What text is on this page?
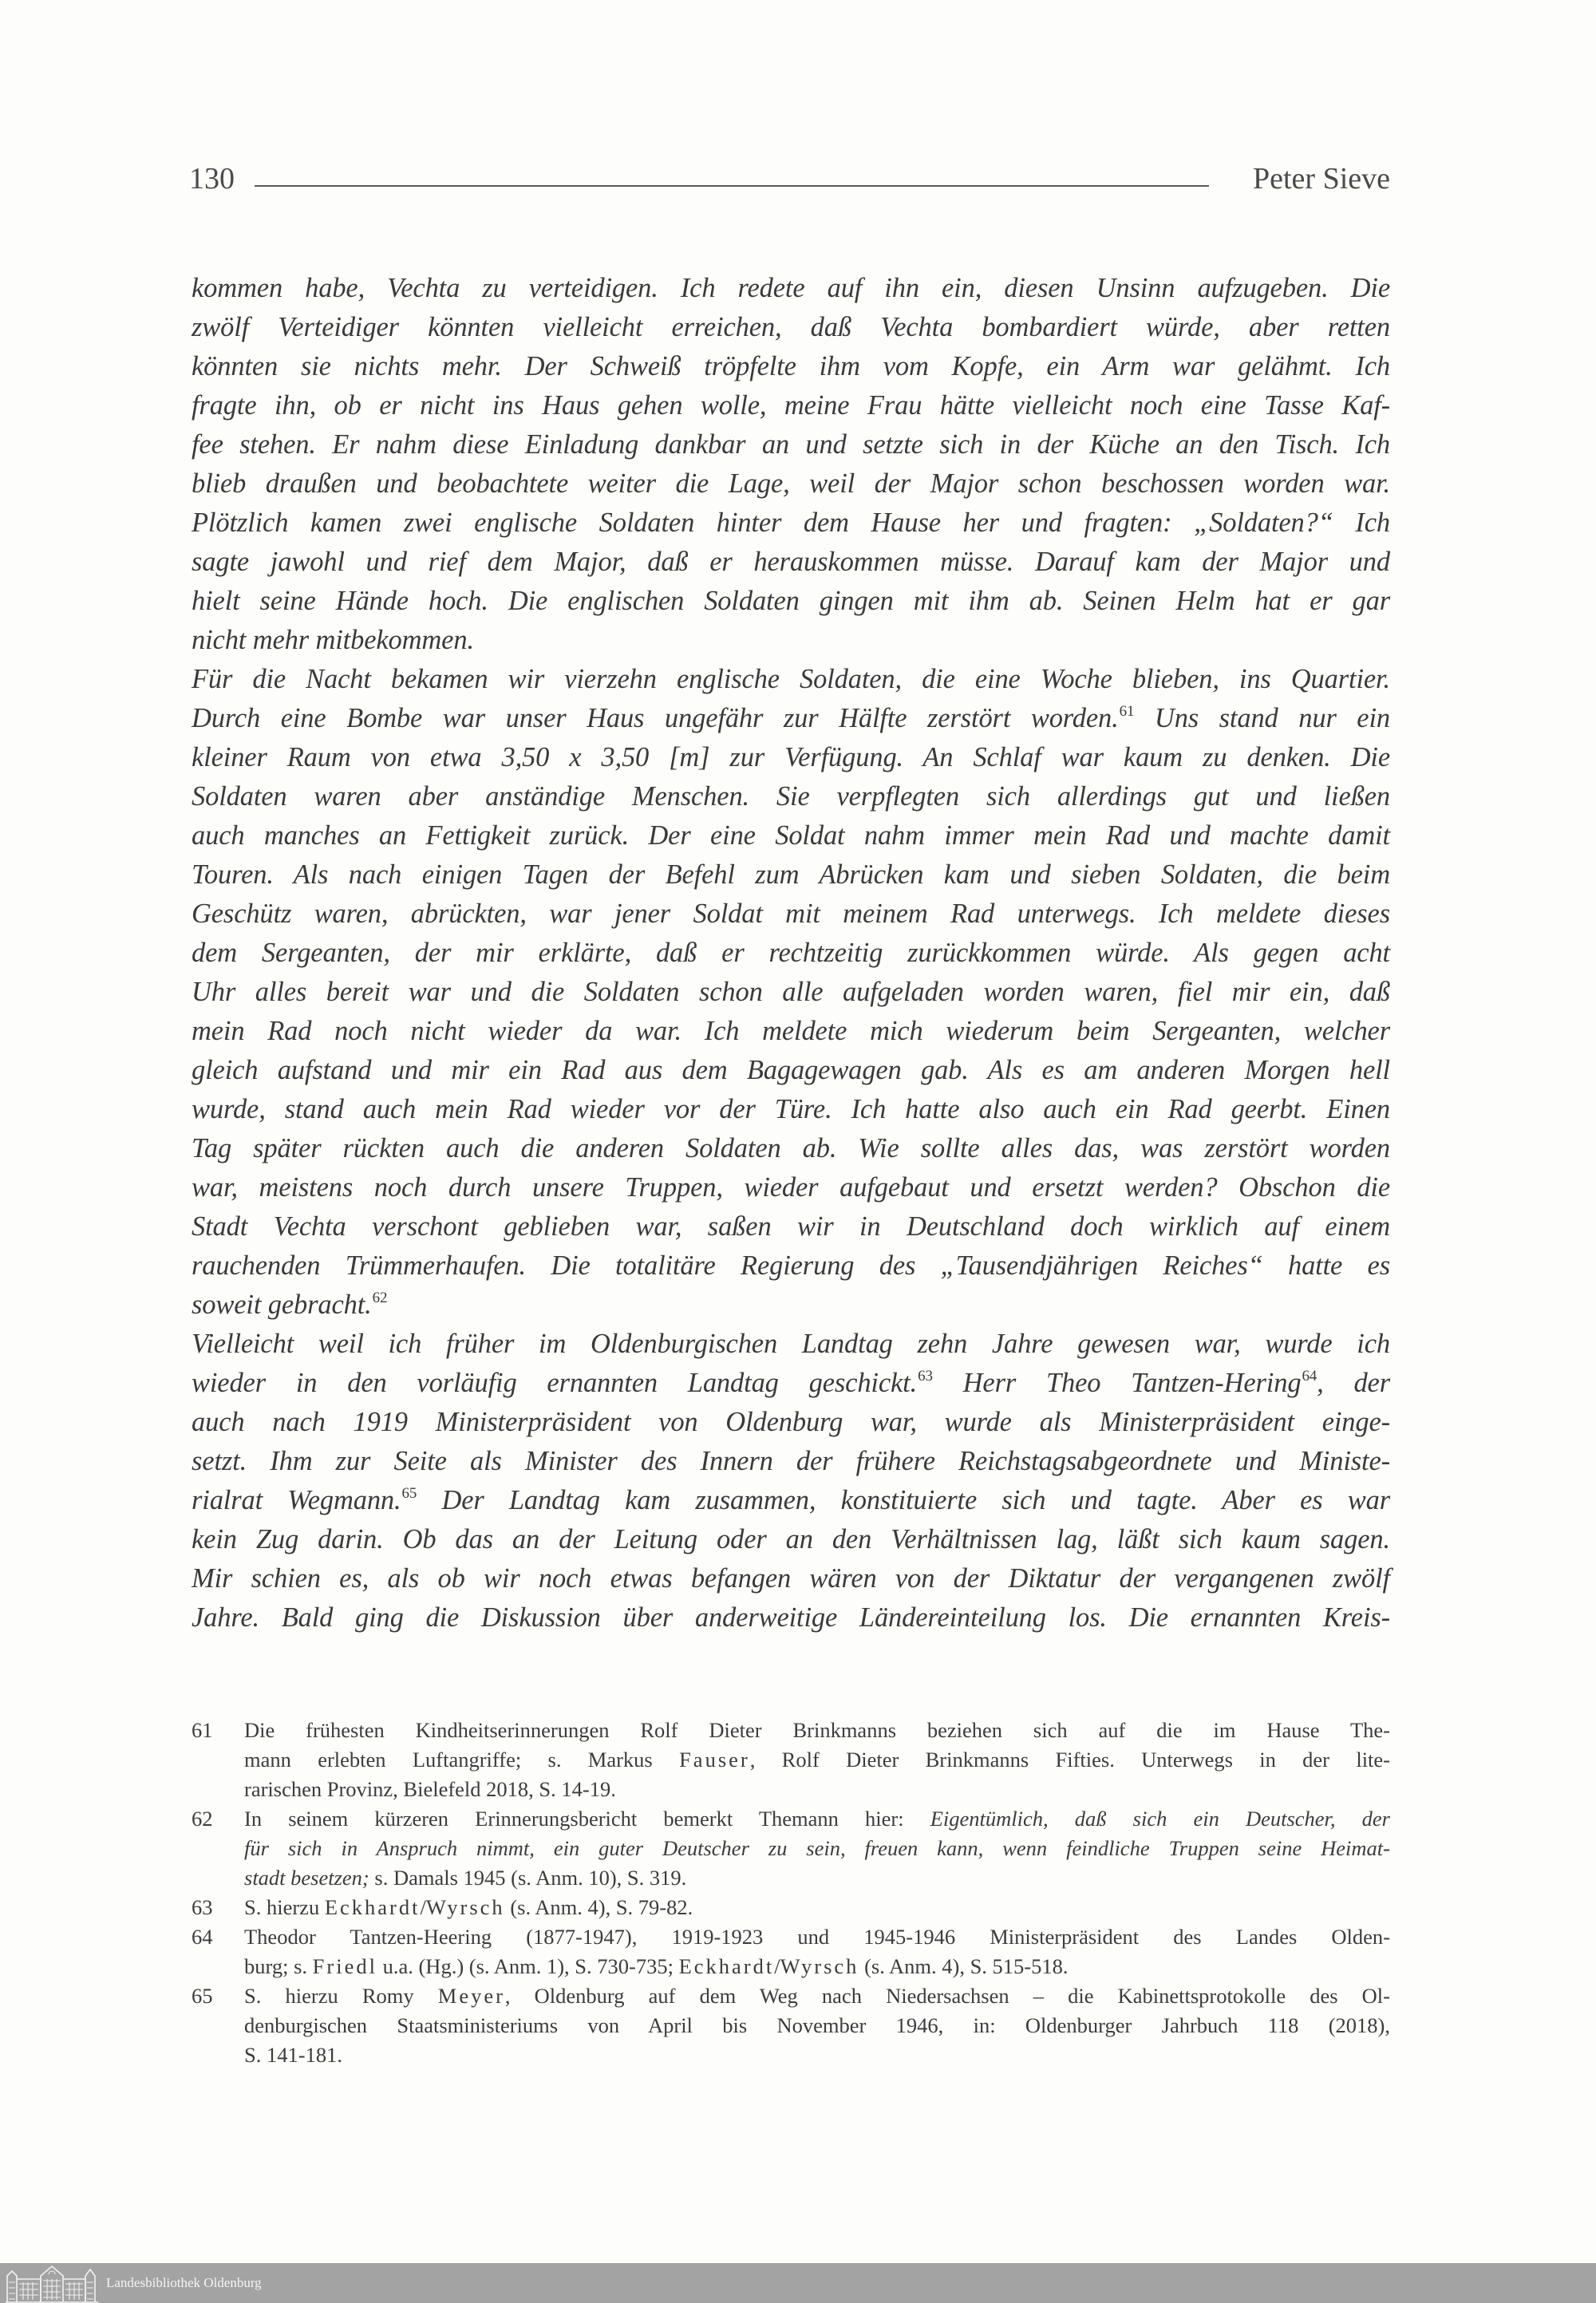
130	Peter Sieve
kommen habe, Vechta zu verteidigen. Ich redete auf ihn ein, diesen Unsinn aufzugeben. Die
zwölf Verteidiger könnten vielleicht erreichen, daß Vechta bombardiert würde, aber retten
könnten sie nichts mehr. Der Schweiß tröpfelte ihm vom Kopfe, ein Arm war gelähmt. Ich
fragte ihn, ob er nicht ins Haus gehen wolle, meine Frau hätte vielleicht noch eine Tasse Kaf-
fee stehen. Er nahm diese Einladung dankbar an und setzte sich in der Küche an den Tisch. Ich
blieb draußen und beobachtete weiter die Lage, weil der Major schon beschossen worden war.
Plötzlich kamen zwei englische Soldaten hinter dem Hause her und fragten: „Soldaten?“ Ich
sagte jawohl und rief dem Major, daß er herauskommen müsse. Darauf kam der Major und
hielt seine Hände hoch. Die englischen Soldaten gingen mit ihm ab. Seinen Helm hat er gar
nicht mehr mitbekommen.
Für die Nacht bekamen wir vierzehn englische Soldaten, die eine Woche blieben, ins Quartier.
Durch eine Bombe war unser Haus ungefähr zur Hälfte zerstört worden.$^{61}$ Uns stand nur ein
kleiner Raum von etwa 3,50 x 3,50 [m] zur Verfügung. An Schlaf war kaum zu denken. Die
Soldaten waren aber anständige Menschen. Sie verpflegten sich allerdings gut und ließen
auch manches an Fettigkeit zurück. Der eine Soldat nahm immer mein Rad und machte damit
Touren. Als nach einigen Tagen der Befehl zum Abrücken kam und sieben Soldaten, die beim
Geschütz waren, abrückten, war jener Soldat mit meinem Rad unterwegs. Ich meldete dieses
dem Sergeanten, der mir erklärte, daß er rechtzeitig zurückkommen würde. Als gegen acht
Uhr alles bereit war und die Soldaten schon alle aufgeladen worden waren, fiel mir ein, daß
mein Rad noch nicht wieder da war. Ich meldete mich wiederum beim Sergeanten, welcher
gleich aufstand und mir ein Rad aus dem Bagagewagen gab. Als es am anderen Morgen hell
wurde, stand auch mein Rad wieder vor der Türe. Ich hatte also auch ein Rad geerbt. Einen
Tag später rückten auch die anderen Soldaten ab. Wie sollte alles das, was zerstört worden
war, meistens noch durch unsere Truppen, wieder aufgebaut und ersetzt werden? Obschon die
Stadt Vechta verschont geblieben war, saßen wir in Deutschland doch wirklich auf einem
rauchenden Trümmerhaufen. Die totalitäre Regierung des „Tausendjährigen Reiches“ hatte es
soweit gebracht.$^{62}$
Vielleicht weil ich früher im Oldenburgischen Landtag zehn Jahre gewesen war, wurde ich
wieder in den vorläufig ernannten Landtag geschickt.$^{63}$ Herr Theo Tantzen-Hering$^{64}$, der
auch nach 1919 Ministerpräsident von Oldenburg war, wurde als Ministerpräsident einge-
setzt. Ihm zur Seite als Minister des Innern der frühere Reichstagsabgeordnete und Ministe-
rialrat Wegmann.$^{65}$ Der Landtag kam zusammen, konstituierte sich und tagte. Aber es war
kein Zug darin. Ob das an der Leitung oder an den Verhältnissen lag, läßt sich kaum sagen.
Mir schien es, als ob wir noch etwas befangen wären von der Diktatur der vergangenen zwölf
Jahre. Bald ging die Diskussion über anderweitige Ländereinteilung los. Die ernannten Kreis-
61 Die frühesten Kindheitserinnerungen Rolf Dieter Brinkmanns beziehen sich auf die im Hause The-
mann erlebten Luftangriffe; s. Markus Fauser, Rolf Dieter Brinkmanns Fifties. Unterwegs in der lite-
rarischen Provinz, Bielefeld 2018, S. 14-19.
62 In seinem kürzeren Erinnerungsbericht bemerkt Themann hier: Eigentümlich, daß sich ein Deutscher, der
für sich in Anspruch nimmt, ein guter Deutscher zu sein, freuen kann, wenn feindliche Truppen seine Heimat-
stadt besetzen; s. Damals 1945 (s. Anm. 10), S. 319.
63 S. hierzu Eckhardt/Wyrsch (s. Anm. 4), S. 79-82.
64 Theodor Tantzen-Heering (1877-1947), 1919-1923 und 1945-1946 Ministerpräsident des Landes Olden-
burg; s. Friedl u.a. (Hg.) (s. Anm. 1), S. 730-735; Eckhardt/Wyrsch (s. Anm. 4), S. 515-518.
65 S. hierzu Romy Meyer, Oldenburg auf dem Weg nach Niedersachsen – die Kabinettsprotokolle des Ol-
denburgischen Staatsministeriums von April bis November 1946, in: Oldenburger Jahrbuch 118 (2018),
S. 141-181.
Landesbibliothek Oldenburg
